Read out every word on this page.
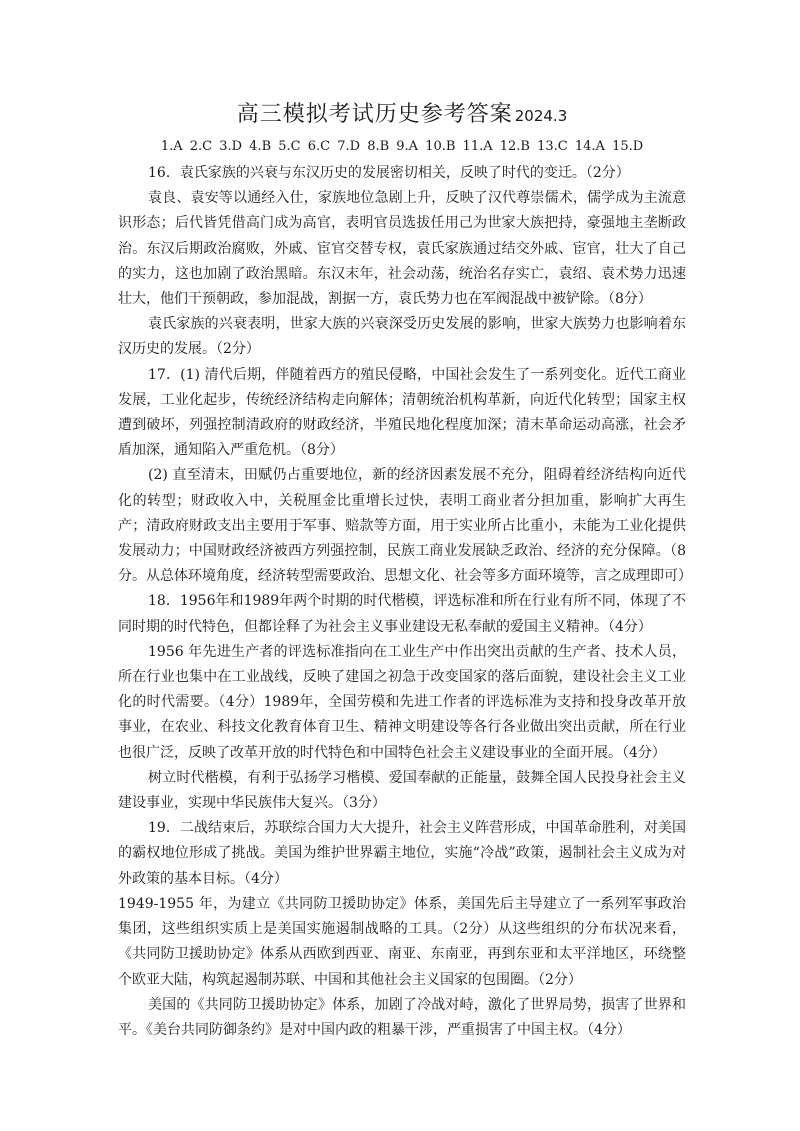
高三模拟考试历史参考答案 2024.3
1.A 2.C 3.D 4.B 5.C 6.C 7.D 8.B 9.A 10.B 11.A 12.B 13.C 14.A 15.D

16．袁氏家族的兴衰与东汉历史的发展密切相关，反映了时代的变迁。（2分）

袁良、袁安等以通经入仕，家族地位急剧上升，反映了汉代尊崇儒术，儒学成为主流意识形态；后代皆凭借高门成为高官，表明官员选拔任用己为世家大族把持，豪强地主垄断政治。东汉后期政治腐败，外戚、宦官交替专权，袁氏家族通过结交外戚、宦官，壮大了自己的实力，这也加剧了政治黑暗。东汉末年，社会动荡，统治名存实亡，袁绍、袁术势力迅速壮大，他们干预朝政，参加混战，割据一方，袁氏势力也在军阀混战中被铲除。（8分）

袁氏家族的兴衰表明，世家大族的兴衰深受历史发展的影响，世家大族势力也影响着东汉历史的发展。（2分）

17．(1) 清代后期，伴随着西方的殖民侵略，中国社会发生了一系列变化。近代工商业发展，工业化起步，传统经济结构走向解体；清朝统治机构革新，向近代化转型；国家主权遭到破坏，列强控制清政府的财政经济，半殖民地化程度加深；清末革命运动高涨，社会矛盾加深，通知陷入严重危机。（8分）

(2) 直至清末，田赋仍占重要地位，新的经济因素发展不充分，阻碍着经济结构向近代化的转型；财政收入中，关税厘金比重增长过快，表明工商业者分担加重，影响扩大再生产；清政府财政支出主要用于军事、赔款等方面，用于实业所占比重小，未能为工业化提供发展动力；中国财政经济被西方列强控制，民族工商业发展缺乏政治、经济的充分保障。（8分。从总体环境角度，经济转型需要政治、思想文化、社会等多方面环境等，言之成理即可）

18．1956年和1989年两个时期的时代楷模，评选标准和所在行业有所不同，体现了不同时期的时代特色，但都诠释了为社会主义事业建设无私奉献的爱国主义精神。（4分）

1956 年先进生产者的评选标准指向在工业生产中作出突出贡献的生产者、技术人员，所在行业也集中在工业战线，反映了建国之初急于改变国家的落后面貌，建设社会主义工业化的时代需要。（4分）1989年，全国劳模和先进工作者的评选标准为支持和投身改革开放事业，在农业、科技文化教育体育卫生、精神文明建设等各行各业做出突出贡献，所在行业也很广泛，反映了改革开放的时代特色和中国特色社会主义建设事业的全面开展。（4分）

树立时代楷模，有利于弘扬学习楷模、爱国奉献的正能量，鼓舞全国人民投身社会主义建设事业，实现中华民族伟大复兴。（3分）

19．二战结束后，苏联综合国力大大提升，社会主义阵营形成，中国革命胜利，对美国的霸权地位形成了挑战。美国为维护世界霸主地位，实施“冷战”政策，遏制社会主义成为对外政策的基本目标。（4分）

1949-1955 年，为建立《共同防卫援助协定》体系，美国先后主导建立了一系列军事政治集团，这些组织实质上是美国实施遏制战略的工具。（2分）从这些组织的分布状况来看，《共同防卫援助协定》体系从西欧到西亚、南亚、东南亚，再到东亚和太平洋地区，环绕整个欧亚大陆，构筑起遏制苏联、中国和其他社会主义国家的包围圈。（2分）

美国的《共同防卫援助协定》体系，加剧了冷战对峙，激化了世界局势，损害了世界和平。《美台共同防御条约》是对中国内政的粗暴干涉，严重损害了中国主权。（4分）
